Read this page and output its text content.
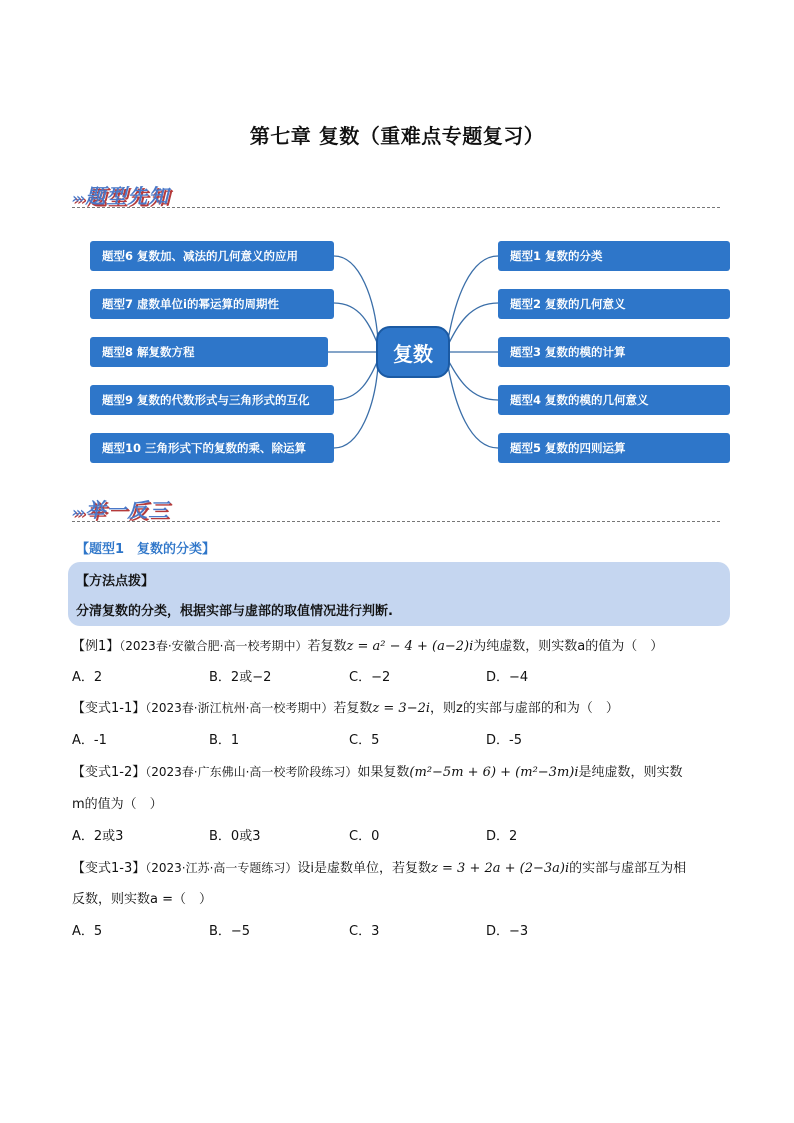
第七章 复数（重难点专题复习）
››› 题型先知
题型6 复数加、减法的几何意义的应用
题型7 虚数单位i的幂运算的周期性
题型8 解复数方程
题型9 复数的代数形式与三角形式的互化
题型10 三角形式下的复数的乘、除运算
复数
题型1 复数的分类
题型2 复数的几何意义
题型3 复数的模的计算
题型4 复数的模的几何意义
题型5 复数的四则运算
››› 举一反三
【题型1　复数的分类】
【方法点拨】
分清复数的分类，根据实部与虚部的取值情况进行判断.
【例1】（2023春·安徽合肥·高一校考期中）若复数z = a² − 4 + (a−2)i为纯虚数，则实数a的值为（　）
A．2	B．2或−2	C．−2	D．−4
【变式1-1】（2023春·浙江杭州·高一校考期中）若复数z = 3−2i，则z的实部与虚部的和为（　）
A．-1	B．1	C．5	D．-5
【变式1-2】（2023春·广东佛山·高一校考阶段练习）如果复数(m²−5m + 6) + (m²−3m)i是纯虚数，则实数
m的值为（　）
A．2或3	B．0或3	C．0	D．2
【变式1-3】（2023·江苏·高一专题练习）设i是虚数单位，若复数z = 3 + 2a + (2−3a)i的实部与虚部互为相
反数，则实数a =（　）
A．5	B．−5	C．3	D．−3
